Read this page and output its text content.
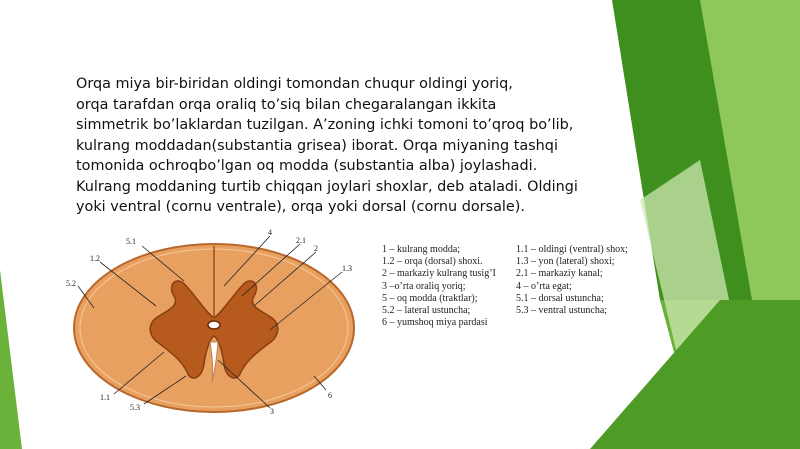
Orqa miya bir-biridan oldingi tomondan chuqur oldingi yoriq,
orqa tarafdan orqa oraliq to’siq bilan chegaralangan ikkita
simmetrik bo’laklardan tuzilgan. A’zoning ichki tomoni to’qroq bo’lib,
kulrang moddadan(substantia grisea) iborat. Orqa miyaning tashqi
tomonida ochroqbo’lgan oq modda (substantia alba) joylashadi.
Kulrang moddaning turtib chiqqan joylari shoxlar, deb ataladi. Oldingi
yoki ventral (cornu ventrale), orqa yoki dorsal (cornu dorsale).

5.1
4
2.1
2
1.2
1.3
5.2
1.1
5.3	3
6
1 – kulrang modda;
1.2 – orqa (dorsal) shoxi.
2 – markaziy kulrang tusig’I
3 –o’rta oraliq yoriq;
5 – oq modda (traktlar);
5.2 – lateral ustuncha;
6 – yumshoq miya pardasi
1.1 – oldingi (ventral) shox;
1.3 – yon (lateral) shoxi;
2.1 – markaziy kanal;
4 – o’rta egat;
5.1 – dorsal ustuncha;
5.3 – ventral ustuncha;
